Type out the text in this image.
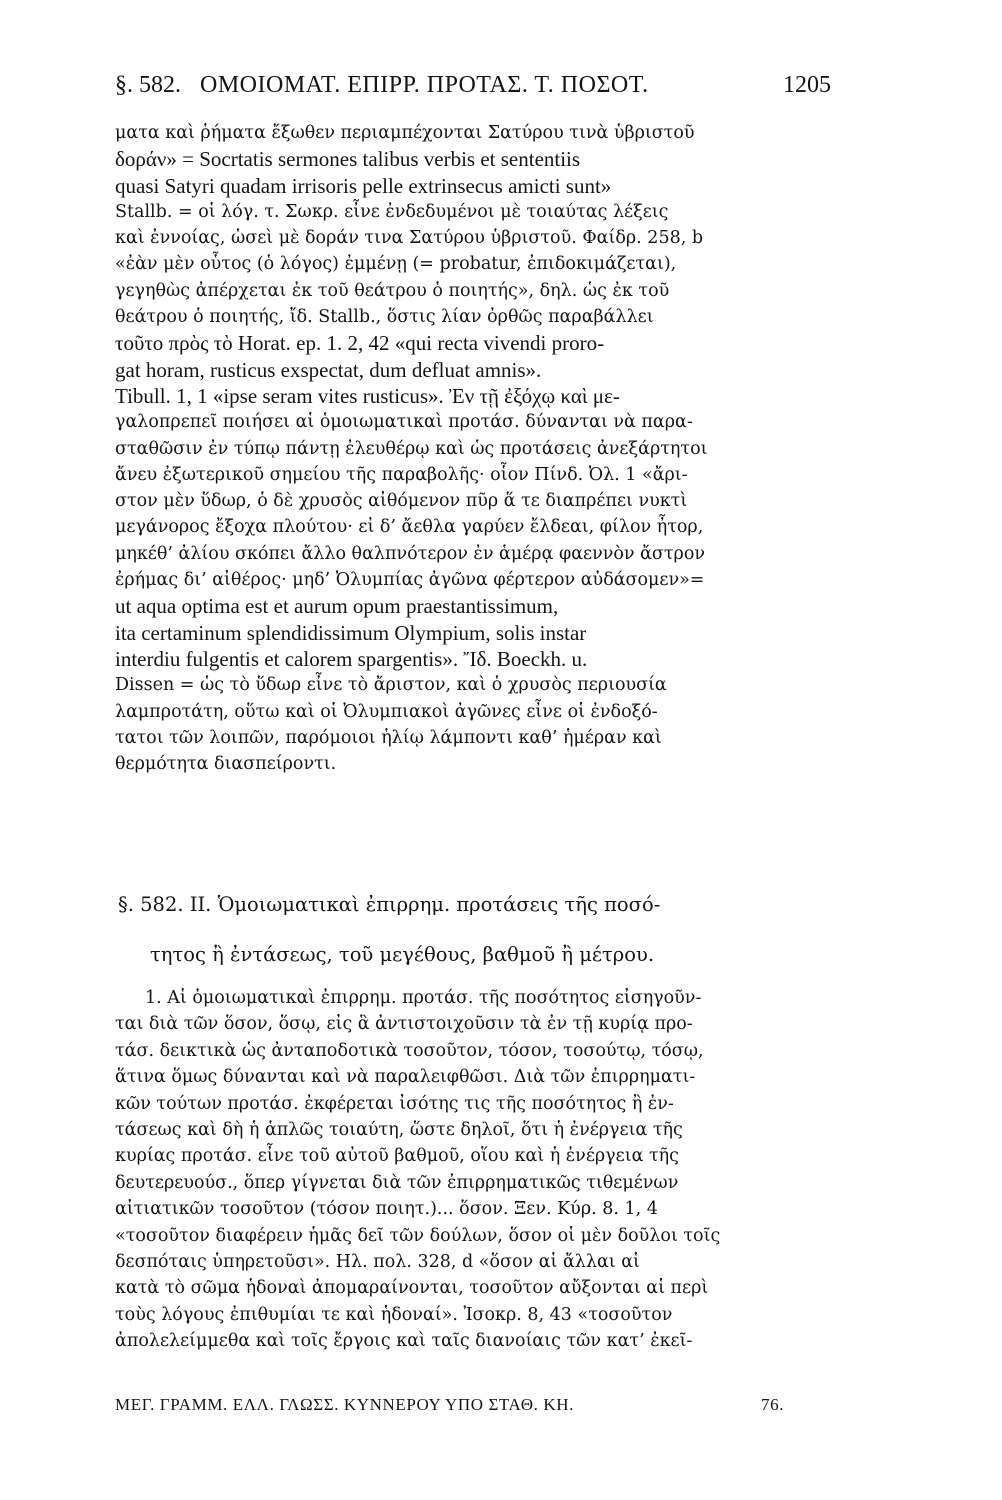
§. 582. ΟΜΟΙΟΜΑΤ. ΕΠΙΡΡ. ΠΡΟΤΑΣ. Τ. ΠΟΣΟΤ.	1205
ματα καὶ ῥήματα ἔξωθεν περιαμπέχονται Σατύρου τινὰ ὑβριστοῦ
δοράν» = Socrtatis sermones talibus verbis et sententiis
quasi Satyri quadam irrisoris pelle extrinsecus amicti sunt»
Stallb. = οἱ λόγ. τ. Σωκρ. εἶνε ἐνδεδυμένοι μὲ τοιαύτας λέξεις
καὶ ἐννοίας, ὡσεὶ μὲ δοράν τινα Σατύρου ὑβριστοῦ. Φαίδρ. 258, b
«ἐὰν μὲν οὗτος (ὁ λόγος) ἐμμένῃ (= probatur, ἐπιδοκιμάζεται),
γεγηθὼς ἀπέρχεται ἐκ τοῦ θεάτρου ὁ ποιητής», δηλ. ὡς ἐκ τοῦ
θεάτρου ὁ ποιητής, ἴδ. Stallb., ὅστις λίαν ὀρθῶς παραβάλλει
τοῦτο πρὸς τὸ Horat. ep. 1. 2, 42 «qui recta vivendi proro-
gat horam, rusticus exspectat, dum defluat amnis».
Tibull. 1, 1 «ipse seram vites rusticus». Ἐν τῇ ἐξόχῳ καὶ με-
γαλοπρεπεῖ ποιήσει αἱ ὁμοιωματικαὶ προτάσ. δύνανται νὰ παρα-
σταθῶσιν ἐν τύπῳ πάντῃ ἐλευθέρῳ καὶ ὡς προτάσεις ἀνεξάρτητοι
ἄνευ ἐξωτερικοῦ σημείου τῆς παραβολῆς· οἷον Πίνδ. Ὀλ. 1 «ἄρι-
στον μὲν ὕδωρ, ὁ δὲ χρυσὸς αἰθόμενον πῦρ ἅ τε διαπρέπει νυκτὶ
μεγάνορος ἔξοχα πλούτου· εἰ δ’ ἄεθλα γαρύεν ἔλδεαι, φίλον ἦτορ,
μηκέθ’ ἀλίου σκόπει ἄλλο θαλπνότερον ἐν ἁμέρᾳ φαεννὸν ἄστρον
ἐρήμας δι’ αἰθέρος· μηδ’ Ὀλυμπίας ἀγῶνα φέρτερον αὐδάσομεν»=
ut aqua optima est et aurum opum praestantissimum,
ita certaminum splendidissimum Olympium, solis instar
interdiu fulgentis et calorem spargentis». Ἴδ. Boeckh. u.
Dissen = ὡς τὸ ὕδωρ εἶνε τὸ ἄριστον, καὶ ὁ χρυσὸς περιουσία
λαμπροτάτη, οὕτω καὶ οἱ Ὀλυμπιακοὶ ἀγῶνες εἶνε οἱ ἐνδοξό-
τατοι τῶν λοιπῶν, παρόμοιοι ἡλίῳ λάμποντι καθ’ ἡμέραν καὶ
θερμότητα διασπείροντι.
§. 582. II. Ὁμοιωματικαὶ ἐπιρρημ. προτάσεις τῆς ποσό-
τητος ἢ ἐντάσεως, τοῦ μεγέθους, βαθμοῦ ἢ μέτρου.
1. Αἱ ὁμοιωματικαὶ ἐπιρρημ. προτάσ. τῆς ποσότητος εἰσηγοῦν-
ται διὰ τῶν ὅσον, ὅσῳ, εἰς ἃ ἀντιστοιχοῦσιν τὰ ἐν τῇ κυρίᾳ προ-
τάσ. δεικτικὰ ὡς ἀνταποδοτικὰ τοσοῦτον, τόσον, τοσούτῳ, τόσῳ,
ἅτινα ὅμως δύνανται καὶ νὰ παραλειφθῶσι. Διὰ τῶν ἐπιρρηματι-
κῶν τούτων προτάσ. ἐκφέρεται ἰσότης τις τῆς ποσότητος ἢ ἐν-
τάσεως καὶ δὴ ἡ ἁπλῶς τοιαύτη, ὥστε δηλοῖ, ὅτι ἡ ἐνέργεια τῆς
κυρίας προτάσ. εἶνε τοῦ αὐτοῦ βαθμοῦ, οἵου καὶ ἡ ἐνέργεια τῆς
δευτερευούσ., ὅπερ γίγνεται διὰ τῶν ἐπιρρηματικῶς τιθεμένων
αἰτιατικῶν τοσοῦτον (τόσον ποιητ.)... ὅσον. Ξεν. Κύρ. 8. 1, 4
«τοσοῦτον διαφέρειν ἡμᾶς δεῖ τῶν δούλων, ὅσον οἱ μὲν δοῦλοι τοῖς
δεσπόταις ὑπηρετοῦσι». Ηλ. πολ. 328, d «ὅσον αἱ ἄλλαι αἱ
κατὰ τὸ σῶμα ἡδοναὶ ἀπομαραίνονται, τοσοῦτον αὔξονται αἱ περὶ
τοὺς λόγους ἐπιθυμίαι τε καὶ ἡδοναί». Ἰσοκρ. 8, 43 «τοσοῦτον
ἀπολελείμμεθα καὶ τοῖς ἔργοις καὶ ταῖς διανοίαις τῶν κατ’ ἐκεῖ-
ΜΕΓ. ΓΡΑΜΜ. ΕΛΛ. ΓΛΩΣΣ. ΚΥΝΝΕΡΟΥ ΥΠΟ ΣΤΑΘ. ΚΗ.	76.
